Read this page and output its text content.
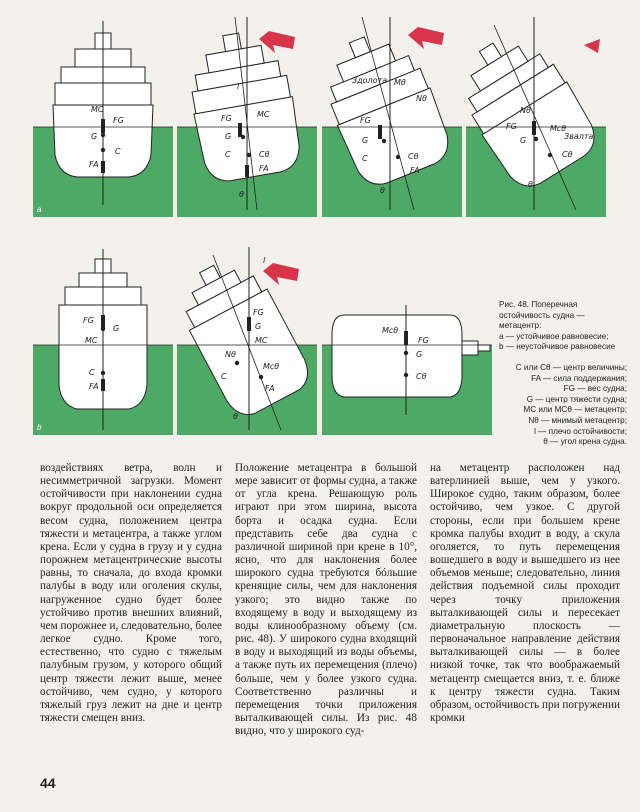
MC
FG
G
C
FA
a
l
MC
FG
G
C	Cθ
FA
θ
Здолота Mθ
Nθ
FG
G
C	Cθ
FA
θ
Nθ
FG	Mcθ
Звалта
G
Cθ
θ
FG
G
MC
C
FA
b
l
FG
G
MC
Nθ
Mcθ
C
FA
θ
Mcθ
FG
G
Cθ

Рис. 48. Поперечная остойчивость судна — метацентр:

а — устойчивое равновесие;

b — неустойчивое равновесие

C или Cθ — центр величины;

FA — сила поддержания;

FG — вес судна;

G — центр тяжести судна;

MC или MCθ — метацентр;

Nθ — мнимый метацентр;

l — плечо остойчивости;

θ — угол крена судна.

воздействиях ветра, волн и несимметричной загрузки. Момент остойчивости при наклонении судна вокруг продольной оси определяется весом судна, положением центра тяжести и метацентра, а также углом крена. Если у судна в грузу и у судна порожнем метацентрические высоты равны, то сначала, до входа кромки палубы в воду или оголения скулы, нагруженное судно будет более устойчиво против внешних влияний, чем порожнее и, следовательно, более легкое судно. Кроме того, естественно, что судно с тяжелым палубным грузом, у которого общий центр тяжести лежит выше, менее остойчиво, чем судно, у которого тяжелый груз лежит на дне и центр тяжести смещен вниз.

Положение метацентра в большой мере зависит от формы судна, а также от угла крена. Решающую роль играют при этом ширина, высота борта и осадка судна. Если представить себе два судна с различной шириной при крене в 10°, ясно, что для наклонения более широкого судна требуются бóльшие кренящие силы, чем для наклонения узкого; это видно также по входящему в воду и выходящему из воды клинообразному объему (см. рис. 48). У широкого судна входящий в воду и выходящий из воды объемы, а также путь их перемещения (плечо) больше, чем у более узкого судна. Соответственно различны и перемещения точки приложения выталкивающей силы. Из рис. 48 видно, что у широкого суд-

на метацентр расположен над ватерлинией выше, чем у узкого. Широкое судно, таким образом, более остойчиво, чем узкое. С другой стороны, если при большем крене кромка палубы входит в воду, а скула оголяется, то путь перемещения вошедшего в воду и вышедшего из нее объемов меньше; следовательно, линия действия подъемной силы проходит через точку приложения выталкивающей силы и пересекает диаметральную плоскость — первоначальное направление действия выталкивающей силы — в более низкой точке, так что воображаемый метацентр смещается вниз, т. е. ближе к центру тяжести судна. Таким образом, остойчивость при погружении кромки

44
